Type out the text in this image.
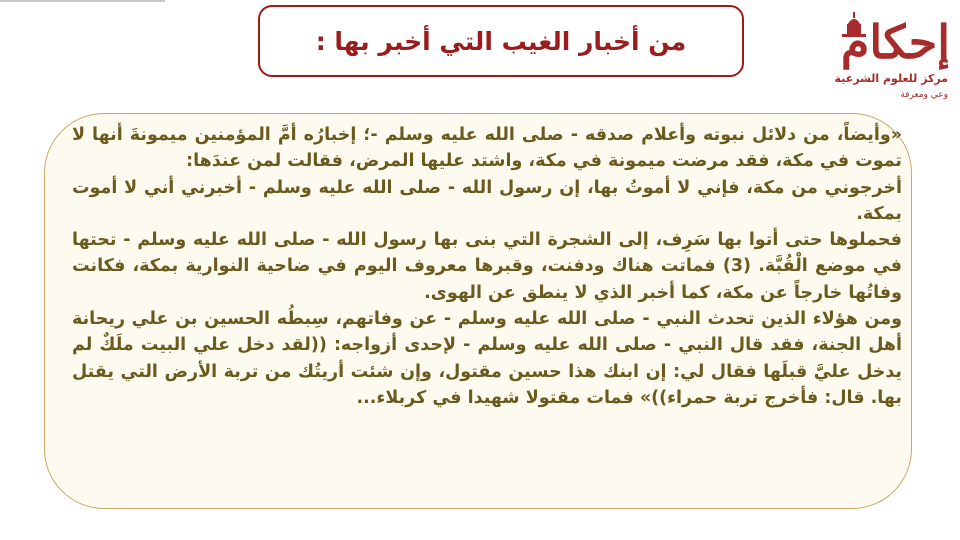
من أخبار الغيب التي أخبر بها :	إحكام
مركز للعلوم الشرعية
وعي ومعرفة
«وأيضاً، من دلائل نبوته وأعلام صدقه - صلى الله عليه وسلم -؛ إخبارُه أمَّ المؤمنين ميمونةَ أنها لا تموت في مكة، فقد مرضت ميمونة في مكة، واشتد عليها المرض، فقالت لمن عندَها:
أخرجوني من مكة، فإني لا أموتُ بها، إن رسول الله - صلى الله عليه وسلم - أخبرني أني لا أموت بمكة.
فحملوها حتى أتوا بها سَرِف، إلى الشجرة التي بنى بها رسول الله - صلى الله عليه وسلم - تحتها في موضع الْقُبَّة. (3) فماتت هناك ودفنت، وقبرها معروف اليوم في ضاحية النوارية بمكة، فكانت وفاتُها خارجاً عن مكة، كما أخبر الذي لا ينطق عن الهوى.
ومن هؤلاء الذين تحدث النبي - صلى الله عليه وسلم - عن وفاتهم، سِبطُه الحسين بن علي ريحانة أهل الجنة، فقد قال النبي - صلى الله عليه وسلم - لإحدى أزواجه: ((لقد دخل علي البيت ملَكٌ لم يدخل عليَّ قبلَها فقال لي: إن ابنك هذا حسين مقتول، وإن شئت أريتُك من تربة الأرض التي يقتل بها. قال: فأخرج تربة حمراء))» فمات مقتولا شهيدا في كربلاء...
